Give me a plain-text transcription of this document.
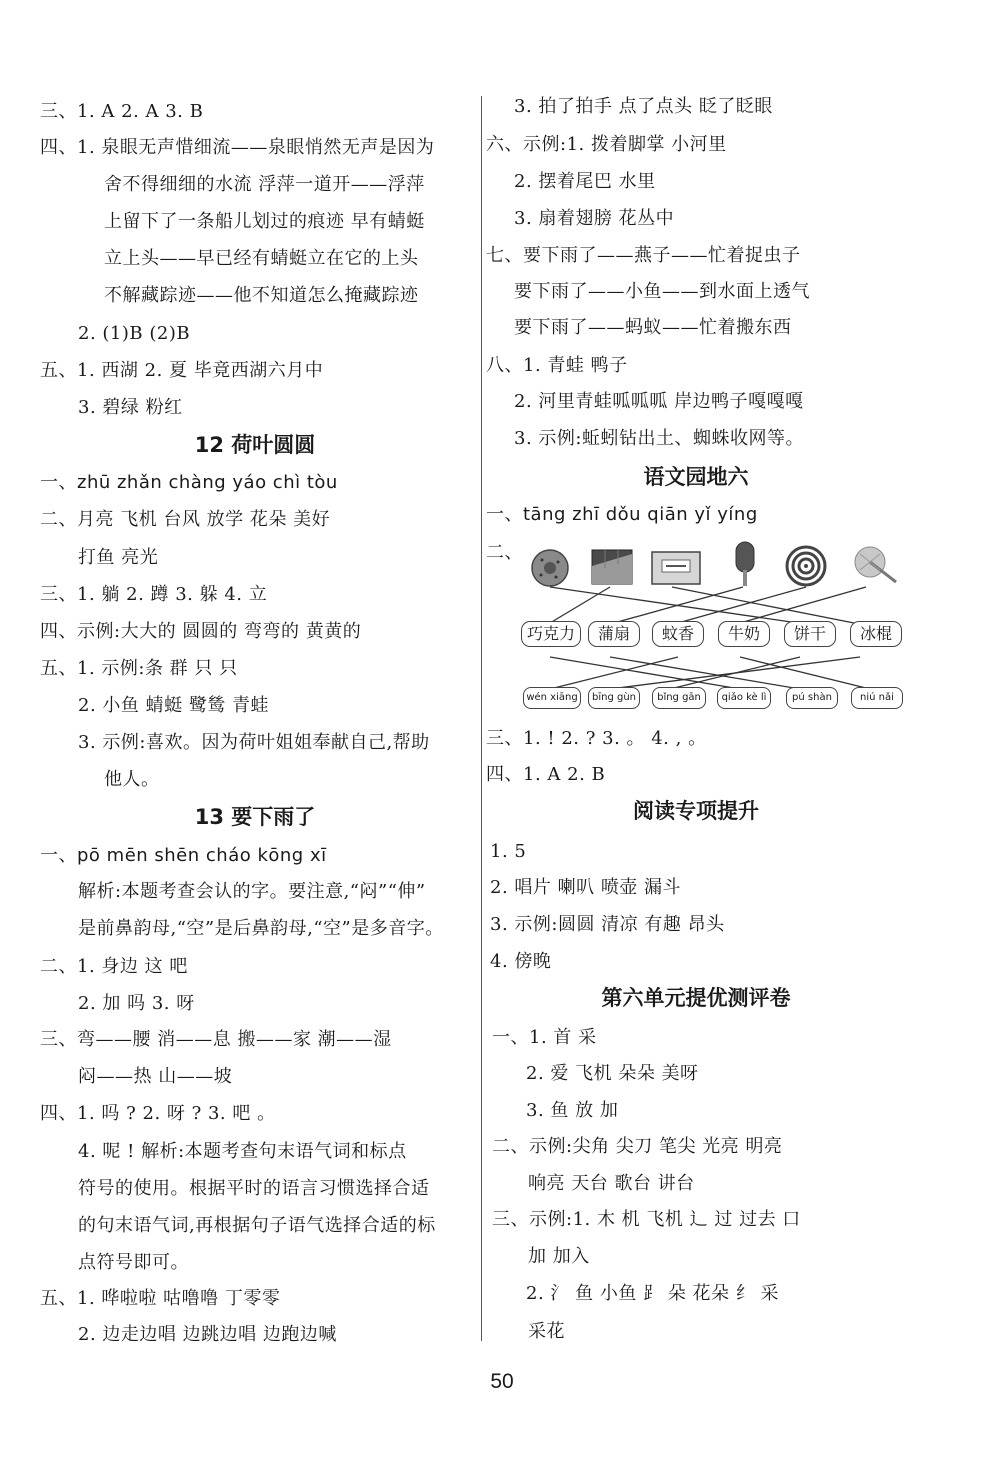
三、1. A 2. A 3. B
四、1. 泉眼无声惜细流——泉眼悄然无声是因为
舍不得细细的水流 浮萍一道开——浮萍
上留下了一条船儿划过的痕迹 早有蜻蜓
立上头——早已经有蜻蜓立在它的上头
不解藏踪迹——他不知道怎么掩藏踪迹
2. (1)B (2)B
五、1. 西湖 2. 夏 毕竟西湖六月中
3. 碧绿 粉红
12 荷叶圆圆
一、zhū zhǎn chàng yáo chì tòu
二、月亮 飞机 台风 放学 花朵 美好
打鱼 亮光
三、1. 躺 2. 蹲 3. 躲 4. 立
四、示例:大大的 圆圆的 弯弯的 黄黄的
五、1. 示例:条 群 只 只
2. 小鱼 蜻蜓 鹭鸶 青蛙
3. 示例:喜欢。因为荷叶姐姐奉献自己,帮助
他人。
13 要下雨了
一、pō mēn shēn cháo kōng xī
解析:本题考查会认的字。要注意,“闷”“伸”
是前鼻韵母,“空”是后鼻韵母,“空”是多音字。
二、1. 身边 这 吧
2. 加 吗 3. 呀
三、弯——腰 消——息 搬——家 潮——湿
闷——热 山——坡
四、1. 吗 ? 2. 呀 ? 3. 吧 。
4. 呢 ! 解析:本题考查句末语气词和标点
符号的使用。根据平时的语言习惯选择合适
的句末语气词,再根据句子语气选择合适的标
点符号即可。
五、1. 哗啦啦 咕噜噜 丁零零
2. 边走边唱 边跳边唱 边跑边喊
3. 拍了拍手 点了点头 眨了眨眼
六、示例:1. 拨着脚掌 小河里
2. 摆着尾巴 水里
3. 扇着翅膀 花丛中
七、要下雨了——燕子——忙着捉虫子
要下雨了——小鱼——到水面上透气
要下雨了——蚂蚁——忙着搬东西
八、1. 青蛙 鸭子
2. 河里青蛙呱呱呱 岸边鸭子嘎嘎嘎
3. 示例:蚯蚓钻出土、蜘蛛收网等。
语文园地六
一、tāng zhī dǒu qiān yǐ yíng
二、
巧克力	蒲扇	蚊香	牛奶	饼干	冰棍
wén xiāng	bīng gùn	bǐng gān	qiǎo kè lì	pú shàn	niú nǎi
三、1. ! 2. ? 3. 。 4. , 。
四、1. A 2. B
阅读专项提升
1. 5
2. 唱片 喇叭 喷壶 漏斗
3. 示例:圆圆 清凉 有趣 昂头
4. 傍晚
第六单元提优测评卷
一、1. 首 采
2. 爱 飞机 朵朵 美呀
3. 鱼 放 加
二、示例:尖角 尖刀 笔尖 光亮 明亮
响亮 天台 歌台 讲台
三、示例:1. 木 机 飞机 辶 过 过去 口
加 加入
2. 氵 鱼 小鱼 ⻊ 朵 花朵 纟 采
采花
50
